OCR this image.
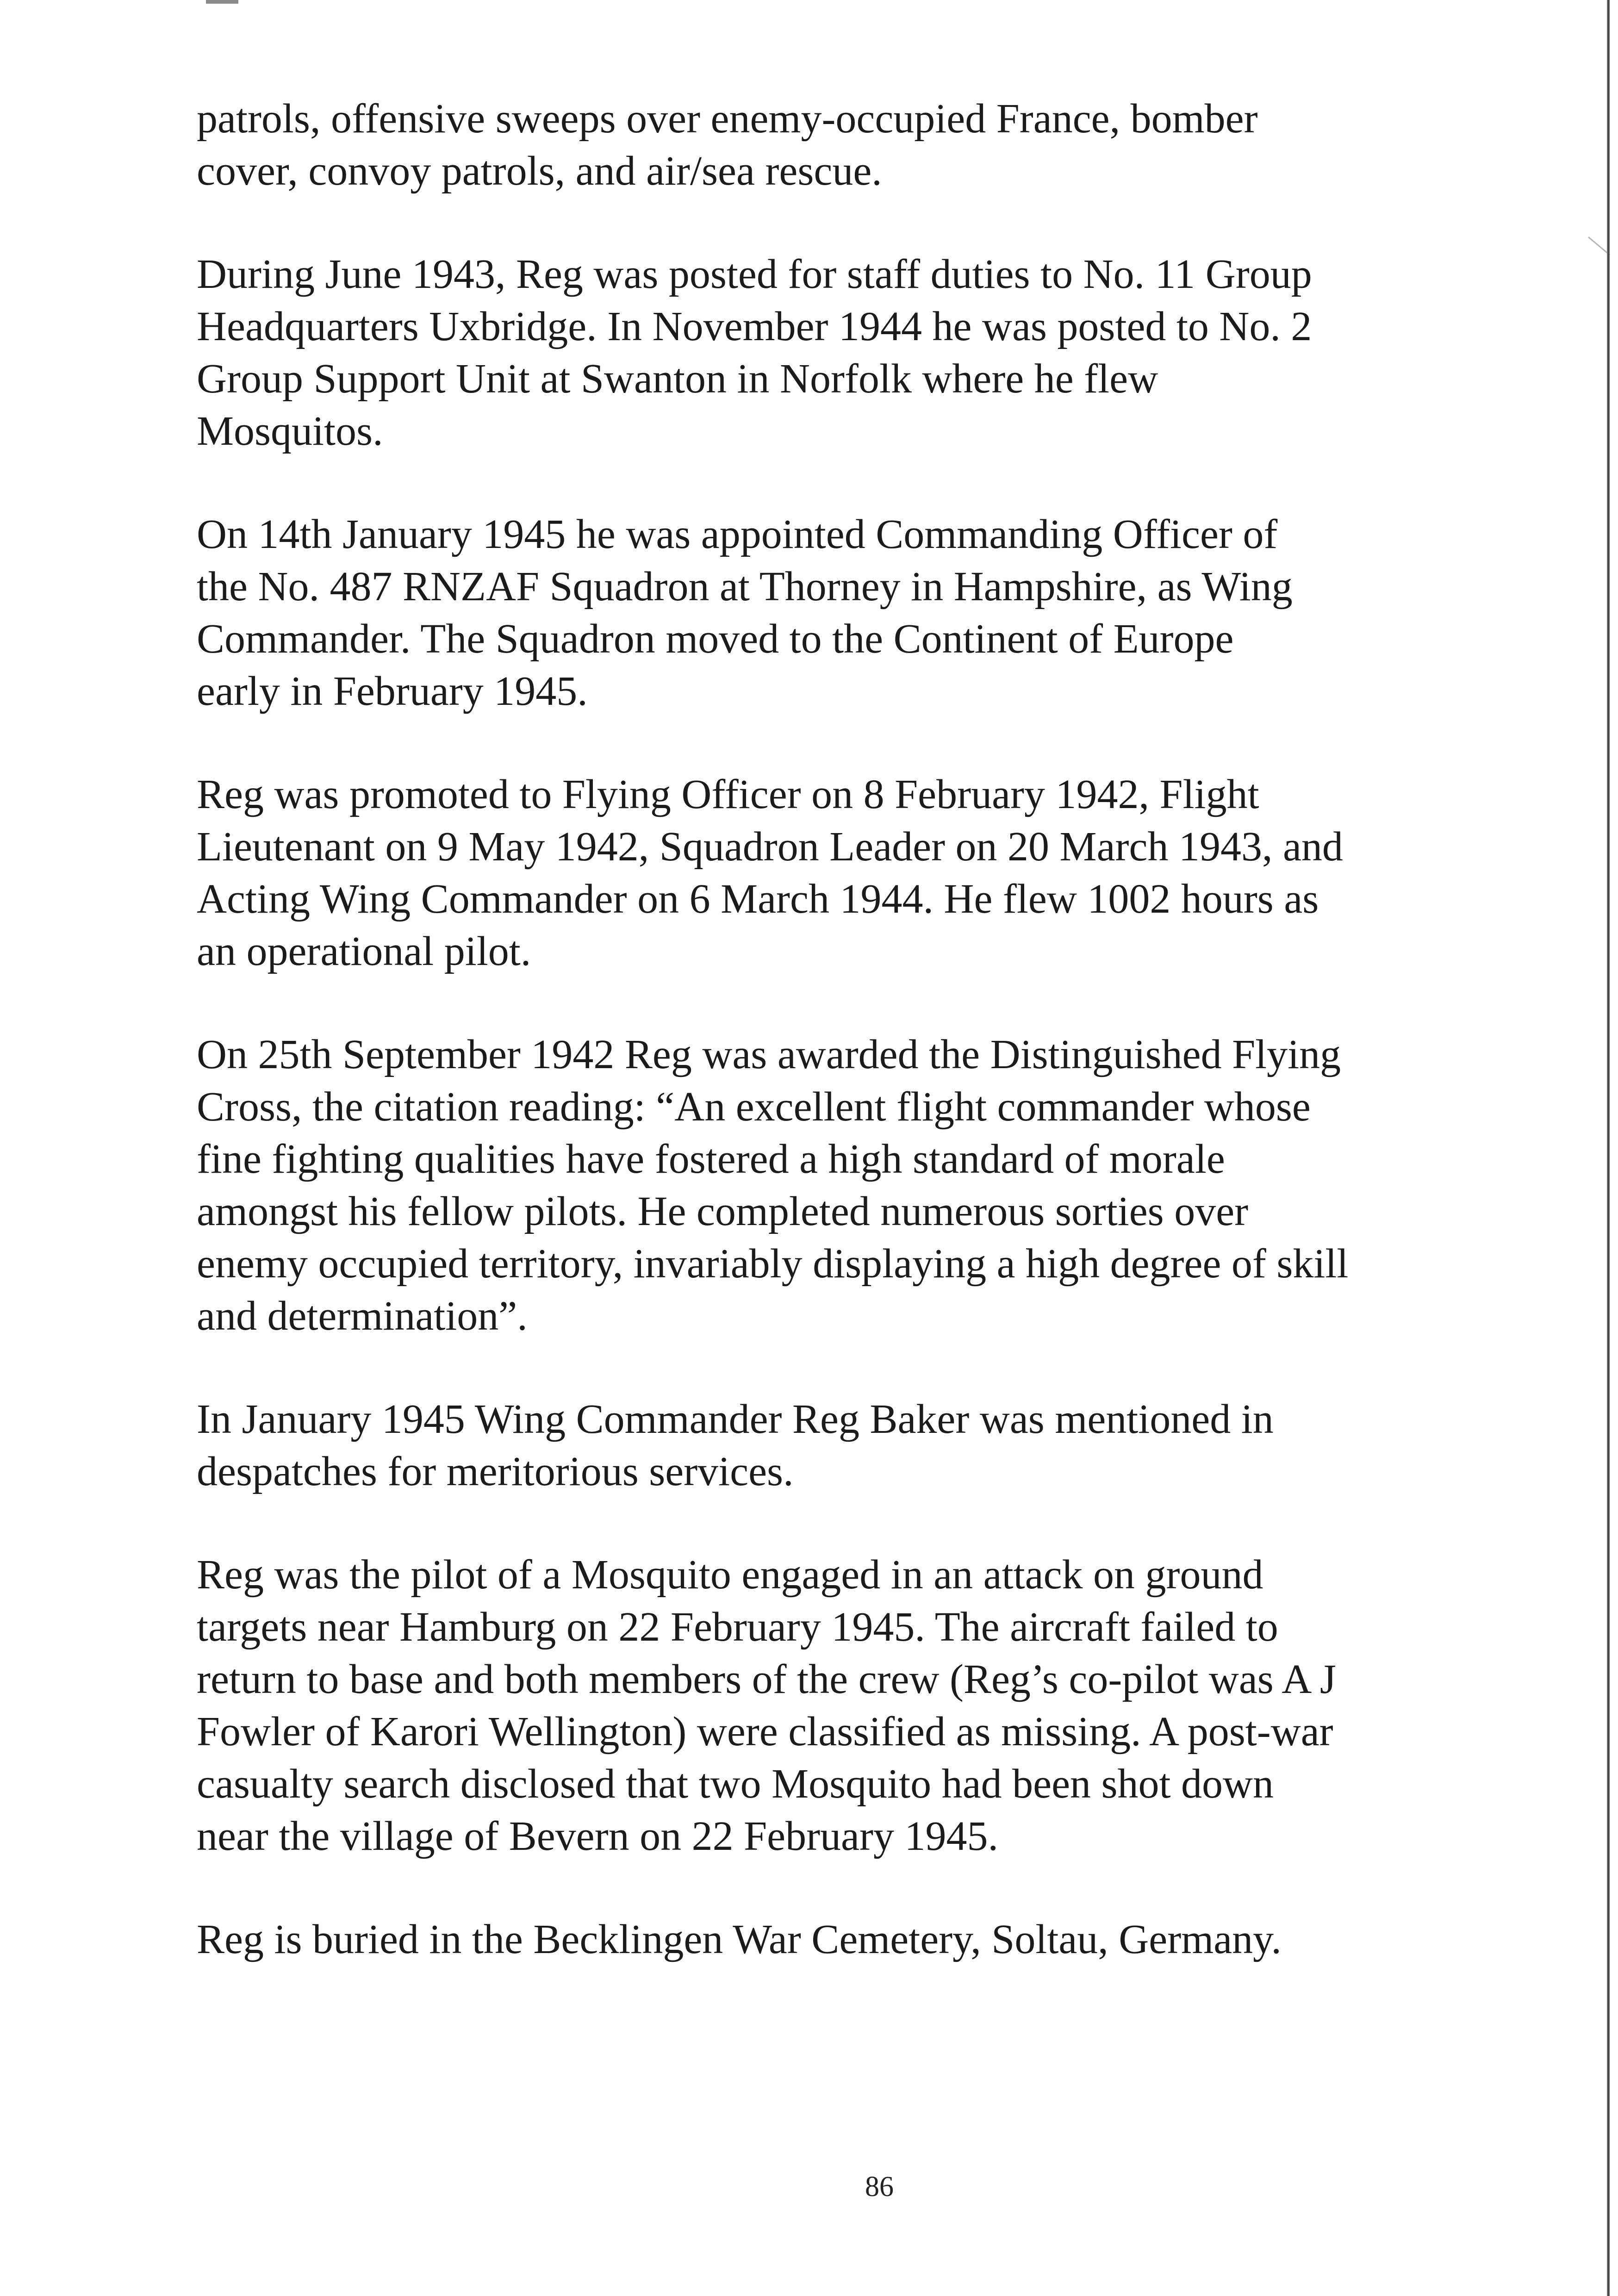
patrols, offensive sweeps over enemy-occupied France, bomber
cover, convoy patrols, and air/sea rescue.

During June 1943, Reg was posted for staff duties to No. 11 Group
Headquarters Uxbridge. In November 1944 he was posted to No. 2
Group Support Unit at Swanton in Norfolk where he flew
Mosquitos.

On 14th January 1945 he was appointed Commanding Officer of
the No. 487 RNZAF Squadron at Thorney in Hampshire, as Wing
Commander. The Squadron moved to the Continent of Europe
early in February 1945.

Reg was promoted to Flying Officer on 8 February 1942, Flight
Lieutenant on 9 May 1942, Squadron Leader on 20 March 1943, and
Acting Wing Commander on 6 March 1944. He flew 1002 hours as
an operational pilot.

On 25th September 1942 Reg was awarded the Distinguished Flying
Cross, the citation reading: “An excellent flight commander whose
fine fighting qualities have fostered a high standard of morale
amongst his fellow pilots. He completed numerous sorties over
enemy occupied territory, invariably displaying a high degree of skill
and determination”.

In January 1945 Wing Commander Reg Baker was mentioned in
despatches for meritorious services.

Reg was the pilot of a Mosquito engaged in an attack on ground
targets near Hamburg on 22 February 1945. The aircraft failed to
return to base and both members of the crew (Reg’s co-pilot was A J
Fowler of Karori Wellington) were classified as missing. A post-war
casualty search disclosed that two Mosquito had been shot down
near the village of Bevern on 22 February 1945.

Reg is buried in the Becklingen War Cemetery, Soltau, Germany.

86
